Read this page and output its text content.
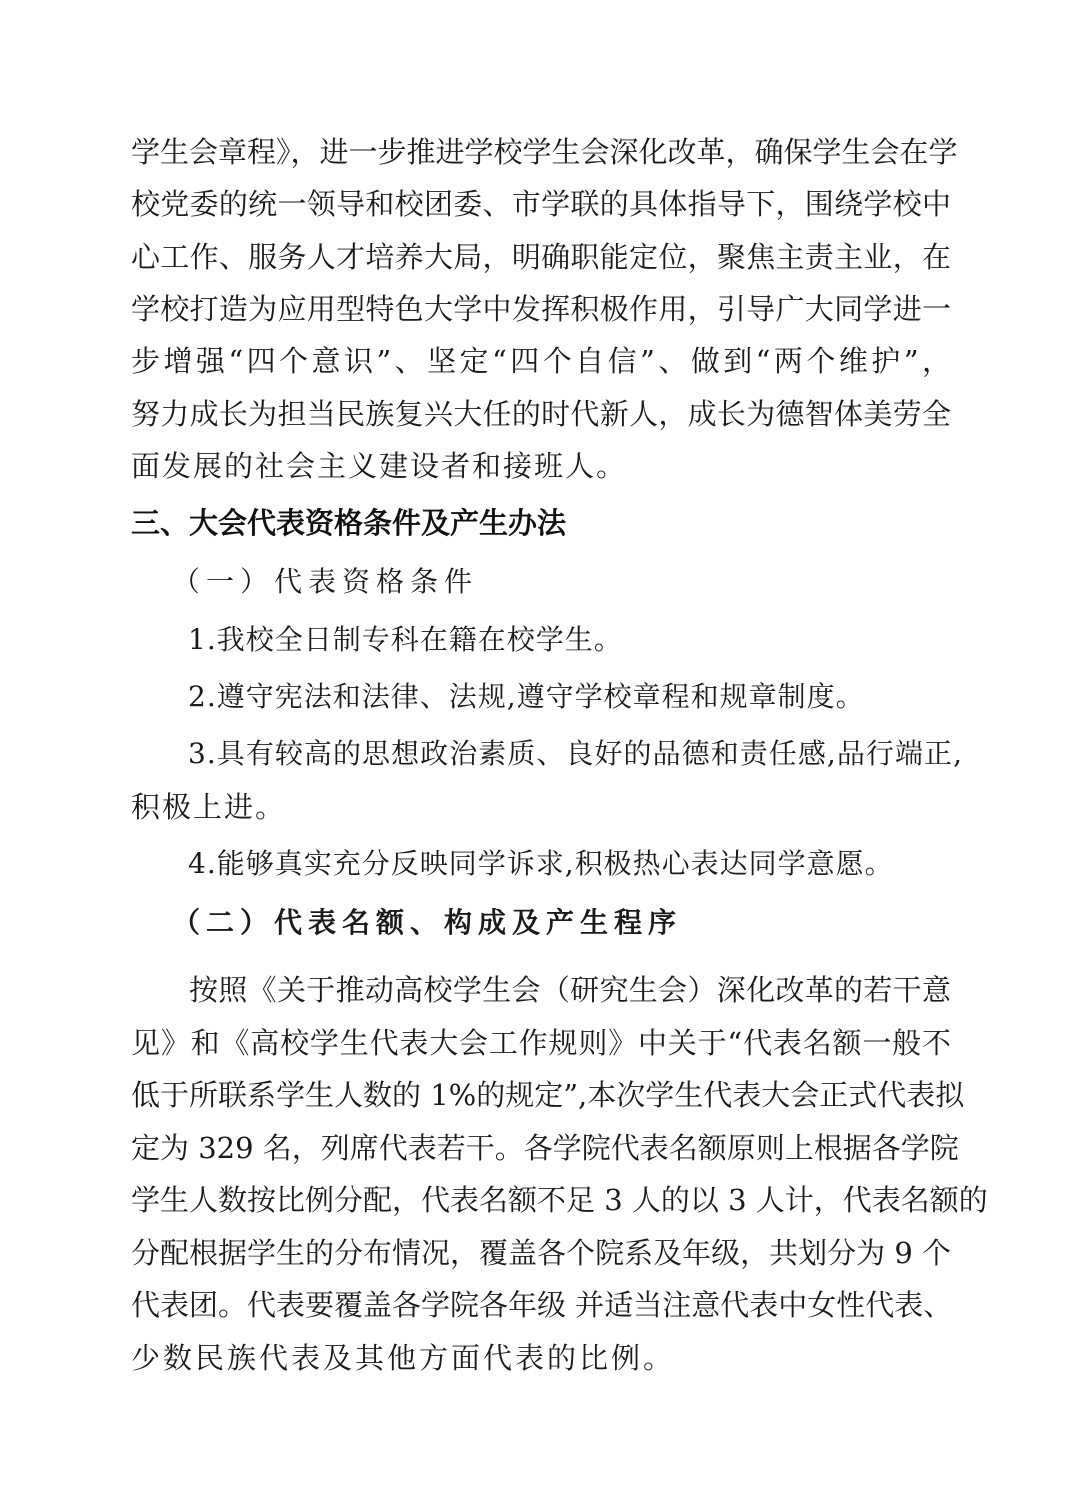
学生会章程》，进一步推进学校学生会深化改革，确保学生会在学
校党委的统一领导和校团委、市学联的具体指导下，围绕学校中
心工作、服务人才培养大局，明确职能定位，聚焦主责主业，在
学校打造为应用型特色大学中发挥积极作用，引导广大同学进一
步增强“四个意识”、坚定“四个自信”、做到“两个维护”，
努力成长为担当民族复兴大任的时代新人，成长为德智体美劳全
面发展的社会主义建设者和接班人。
三、大会代表资格条件及产生办法
（一）代表资格条件
1.我校全日制专科在籍在校学生。
2.遵守宪法和法律、法规,遵守学校章程和规章制度。
3.具有较高的思想政治素质、良好的品德和责任感,品行端正,
积极上进。
4.能够真实充分反映同学诉求,积极热心表达同学意愿。
（二）代表名额、构成及产生程序
按照《关于推动高校学生会（研究生会）深化改革的若干意
见》和《高校学生代表大会工作规则》中关于“代表名额一般不
低于所联系学生人数的 1%的规定”,本次学生代表大会正式代表拟
定为 329 名，列席代表若干。各学院代表名额原则上根据各学院
学生人数按比例分配，代表名额不足 3 人的以 3 人计，代表名额的
分配根据学生的分布情况，覆盖各个院系及年级，共划分为 9 个
代表团。代表要覆盖各学院各年级 并适当注意代表中女性代表、
少数民族代表及其他方面代表的比例。
